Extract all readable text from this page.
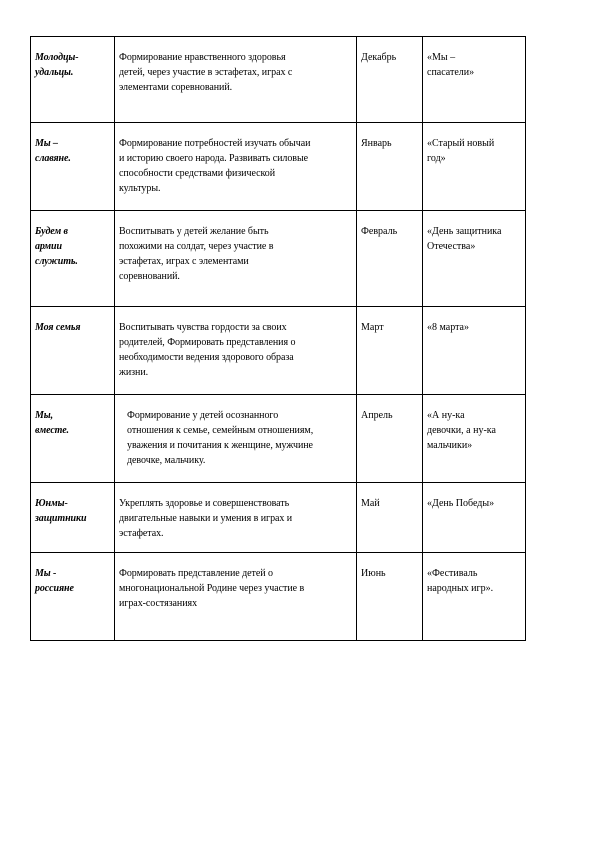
Молодцы-
удальцы.	Формирование нравственного здоровья
детей, через участие в эстафетах, играх с
элементами соревнований.	Декабрь	«Мы –
спасатели»

Мы –
славяне.	Формирование потребностей изучать обычаи
и историю своего народа. Развивать силовые
способности средствами физической
культуры.	Январь	«Старый новый
год»

Будем в
армии
служить.	Воспитывать у детей желание быть
похожими на солдат, через участие в
эстафетах, играх с элементами
соревнований.	Февраль	«День защитника
Отечества»

Моя семья	Воспитывать чувства гордости за своих
родителей, Формировать представления о
необходимости ведения здорового образа
жизни.	Март	«8 марта»

Мы,
вместе.	Формирование у детей осознанного
отношения к семье, семейным отношениям,
уважения и почитания к женщине, мужчине
девочке, мальчику.	Апрель	«А ну-ка
девочки, а ну-ка
мальчики»

Юнмы-
защитники	Укреплять здоровье и совершенствовать
двигательные навыки и умения в играх и
эстафетах.	Май	«День Победы»

Мы -
россияне	Формировать представление детей о
многонациональной Родине через участие в
играх-состязаниях	Июнь	«Фестиваль
народных игр».
